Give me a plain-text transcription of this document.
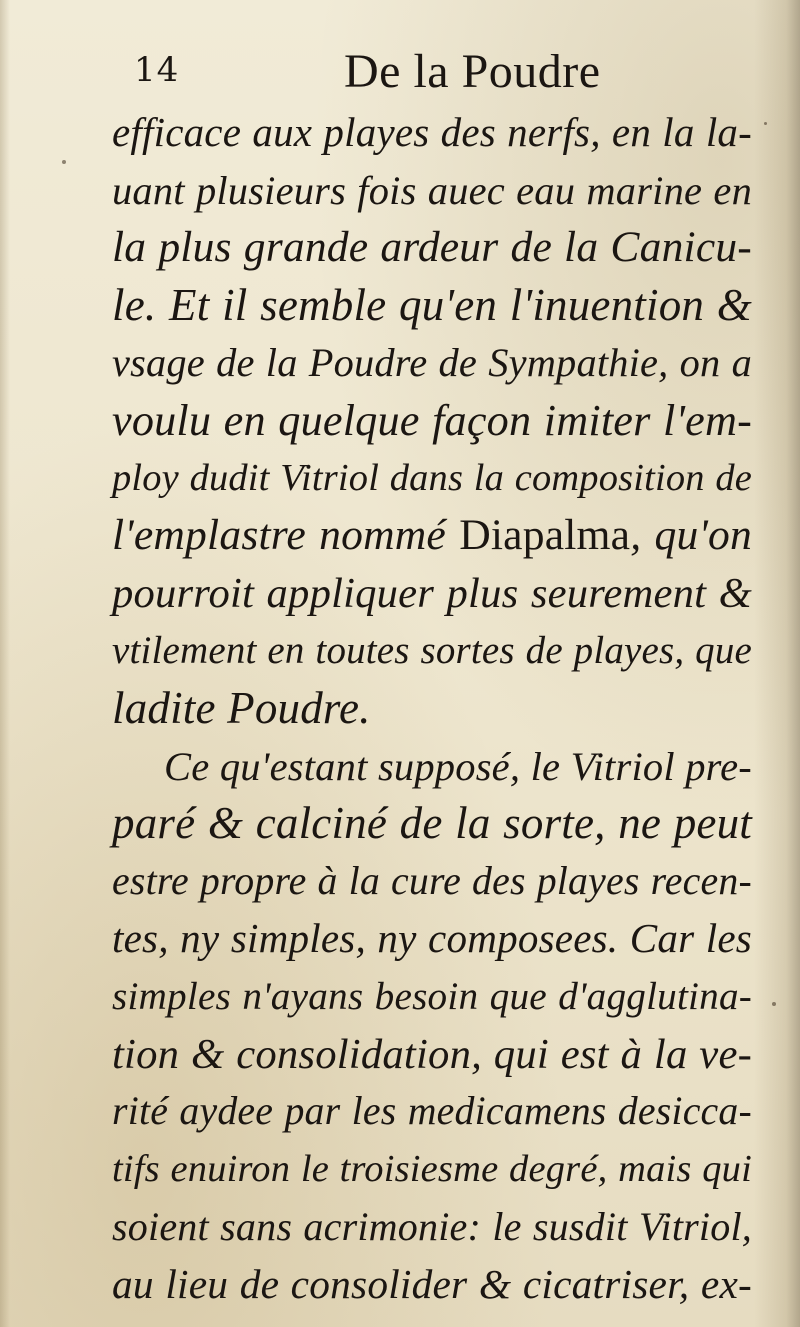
14	De la Poudre
efficace aux playes des nerfs, en la la-
uant plusieurs fois auec eau marine en
la plus grande ardeur de la Canicu-
le. Et il semble qu'en l'inuention &
vsage de la Poudre de Sympathie, on a
voulu en quelque façon imiter l'em-
ploy dudit Vitriol dans la composition de
l'emplastre nommé Diapalma, qu'on
pourroit appliquer plus seurement &
vtilement en toutes sortes de playes, que
ladite Poudre.
Ce qu'estant supposé, le Vitriol pre-
paré & calciné de la sorte, ne peut
estre propre à la cure des playes recen-
tes, ny simples, ny composees. Car les
simples n'ayans besoin que d'agglutina-
tion & consolidation, qui est à la ve-
rité aydee par les medicamens desicca-
tifs enuiron le troisiesme degré, mais qui
soient sans acrimonie: le susdit Vitriol,
au lieu de consolider & cicatriser, ex-
